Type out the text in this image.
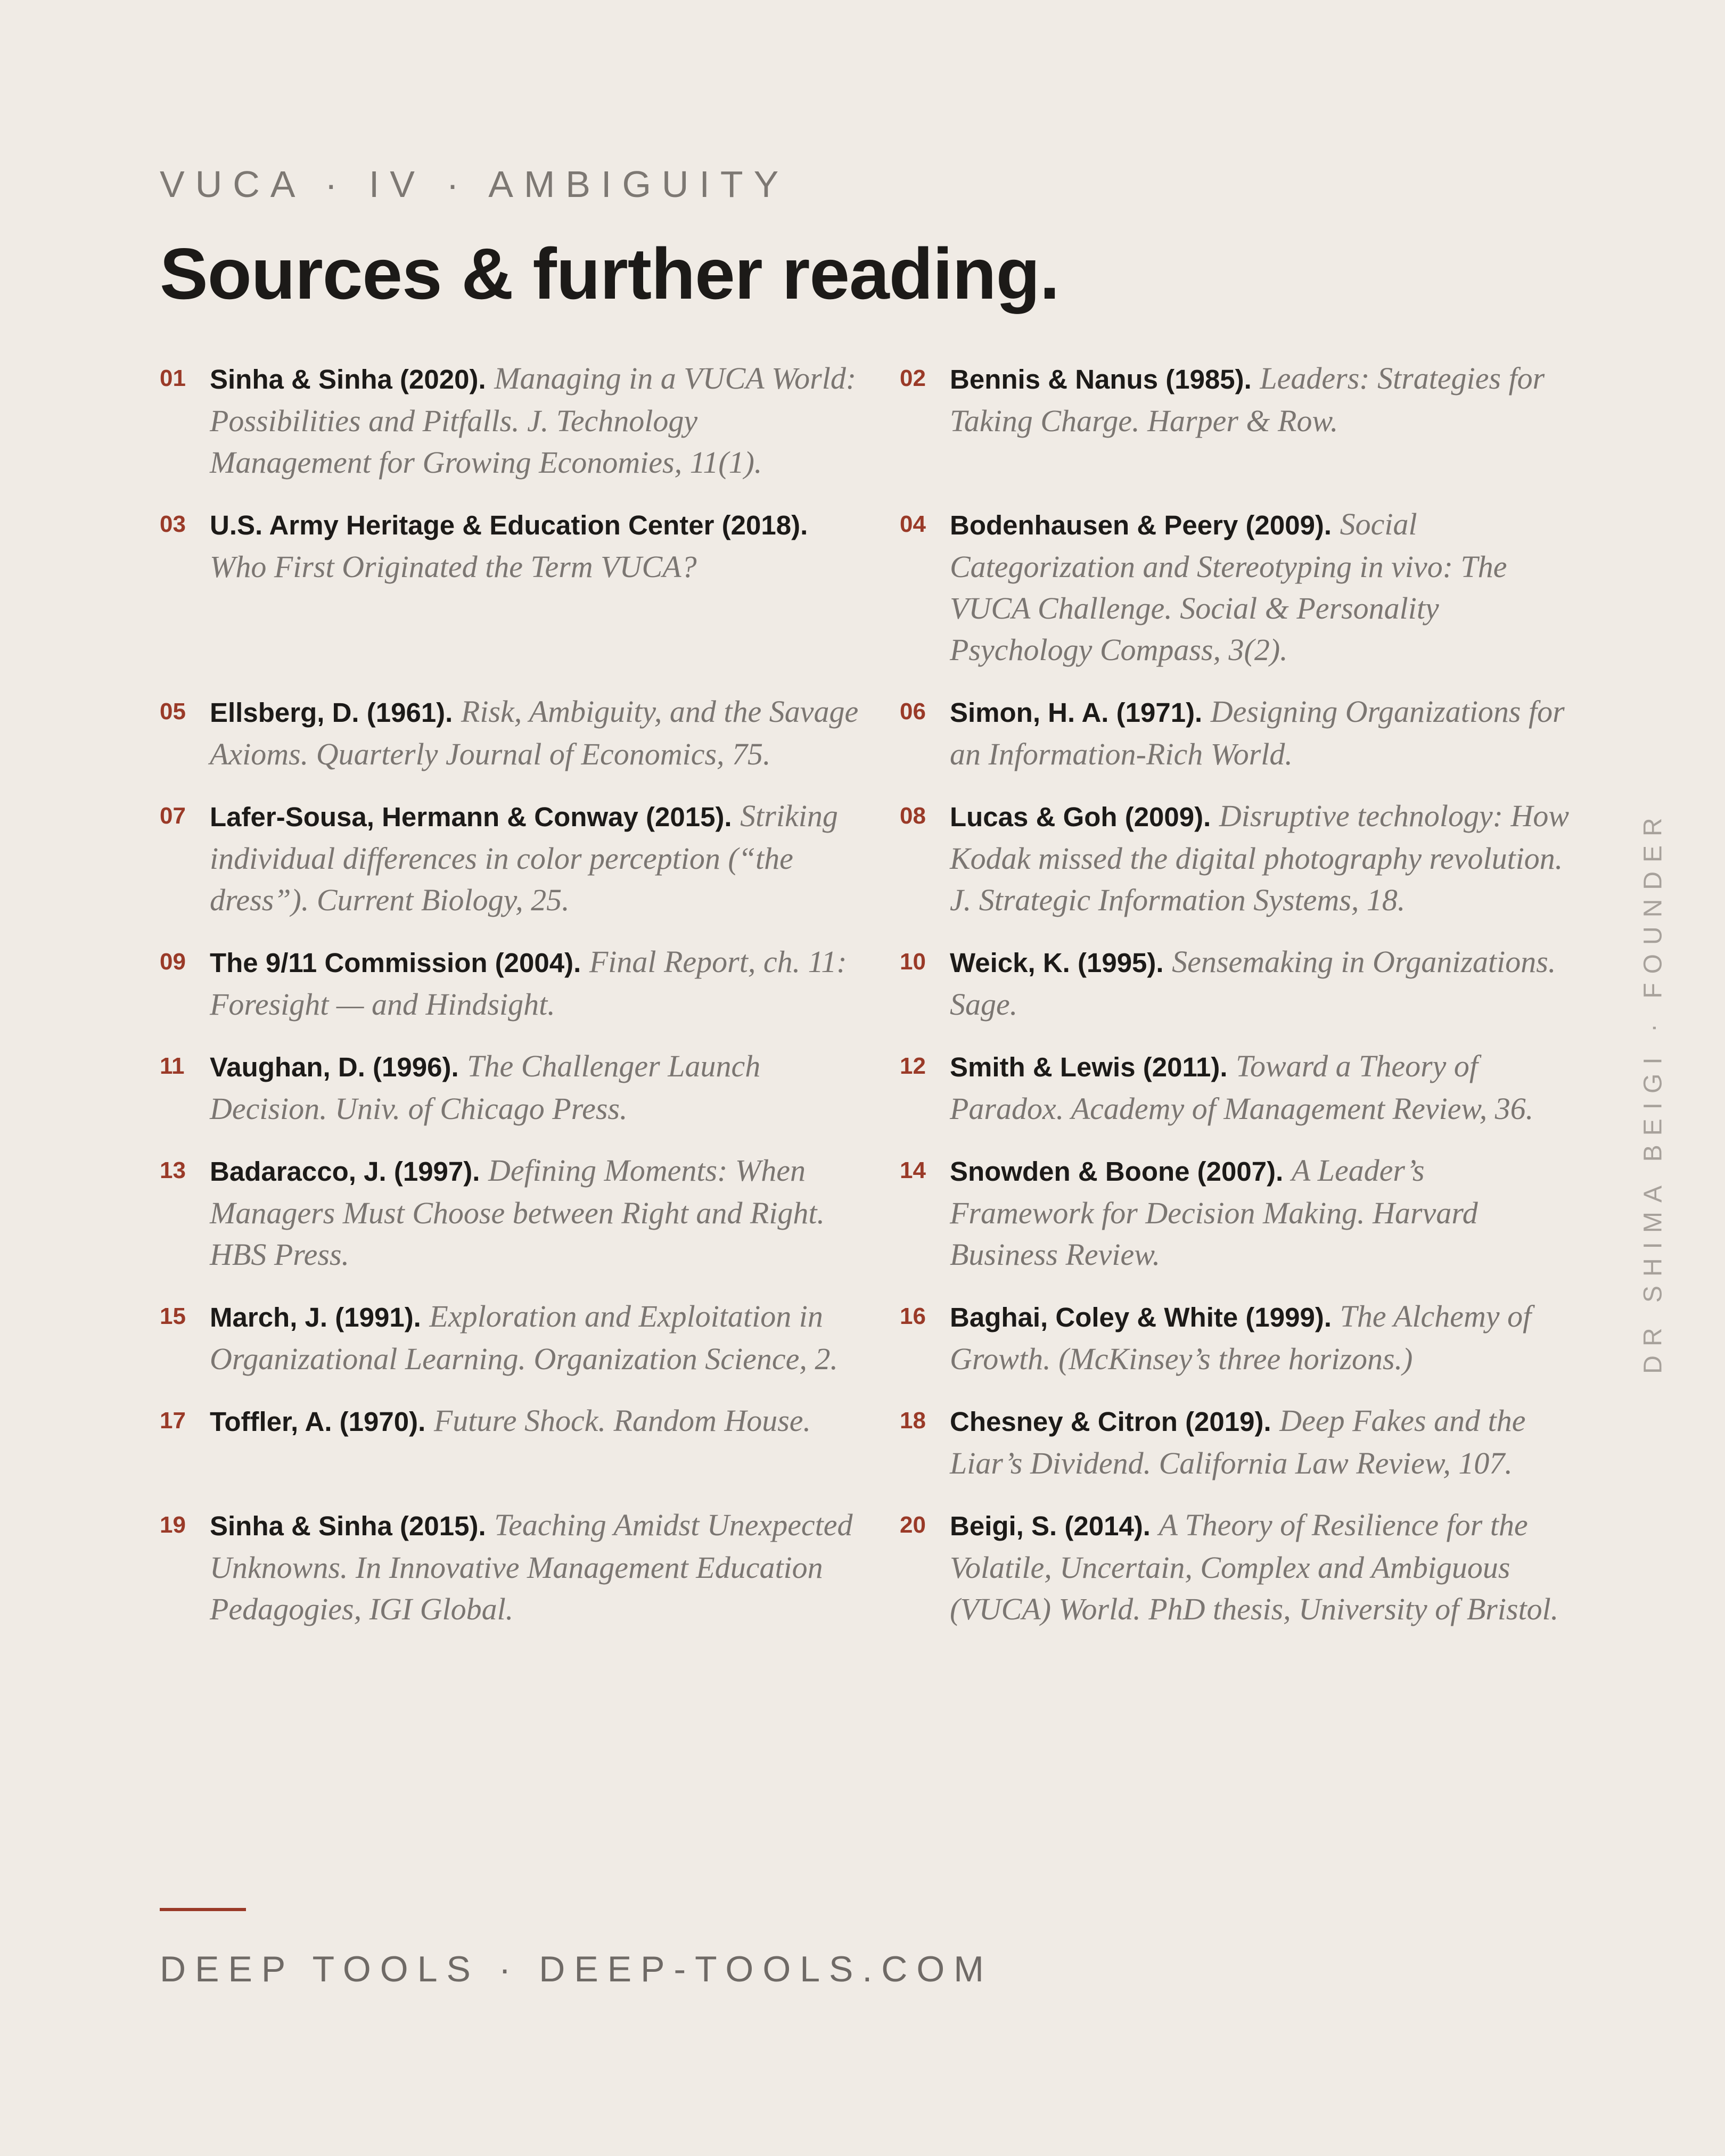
VUCA · IV · AMBIGUITY
Sources & further reading.
01 Sinha & Sinha (2020). Managing in a VUCA World: Possibilities and Pitfalls. J. Technology Management for Growing Economies, 11(1).
02 Bennis & Nanus (1985). Leaders: Strategies for Taking Charge. Harper & Row.
03 U.S. Army Heritage & Education Center (2018). Who First Originated the Term VUCA?
04 Bodenhausen & Peery (2009). Social Categorization and Stereotyping in vivo: The VUCA Challenge. Social & Personality Psychology Compass, 3(2).
05 Ellsberg, D. (1961). Risk, Ambiguity, and the Savage Axioms. Quarterly Journal of Economics, 75.
06 Simon, H. A. (1971). Designing Organizations for an Information-Rich World.
07 Lafer-Sousa, Hermann & Conway (2015). Striking individual differences in color perception (“the dress”). Current Biology, 25.
08 Lucas & Goh (2009). Disruptive technology: How Kodak missed the digital photography revolution. J. Strategic Information Systems, 18.
09 The 9/11 Commission (2004). Final Report, ch. 11: Foresight — and Hindsight.
10 Weick, K. (1995). Sensemaking in Organizations. Sage.
11 Vaughan, D. (1996). The Challenger Launch Decision. Univ. of Chicago Press.
12 Smith & Lewis (2011). Toward a Theory of Paradox. Academy of Management Review, 36.
13 Badaracco, J. (1997). Defining Moments: When Managers Must Choose between Right and Right. HBS Press.
14 Snowden & Boone (2007). A Leader’s Framework for Decision Making. Harvard Business Review.
15 March, J. (1991). Exploration and Exploitation in Organizational Learning. Organization Science, 2.
16 Baghai, Coley & White (1999). The Alchemy of Growth. (McKinsey’s three horizons.)
17 Toffler, A. (1970). Future Shock. Random House.	18 Chesney & Citron (2019). Deep Fakes and the Liar’s Dividend. California Law Review, 107.
19 Sinha & Sinha (2015). Teaching Amidst Unexpected Unknowns. In Innovative Management Education Pedagogies, IGI Global.
20 Beigi, S. (2014). A Theory of Resilience for the Volatile, Uncertain, Complex and Ambiguous (VUCA) World. PhD thesis, University of Bristol.
DR SHIMA BEIGI · FOUNDER
DEEP TOOLS · DEEP-TOOLS.COM
